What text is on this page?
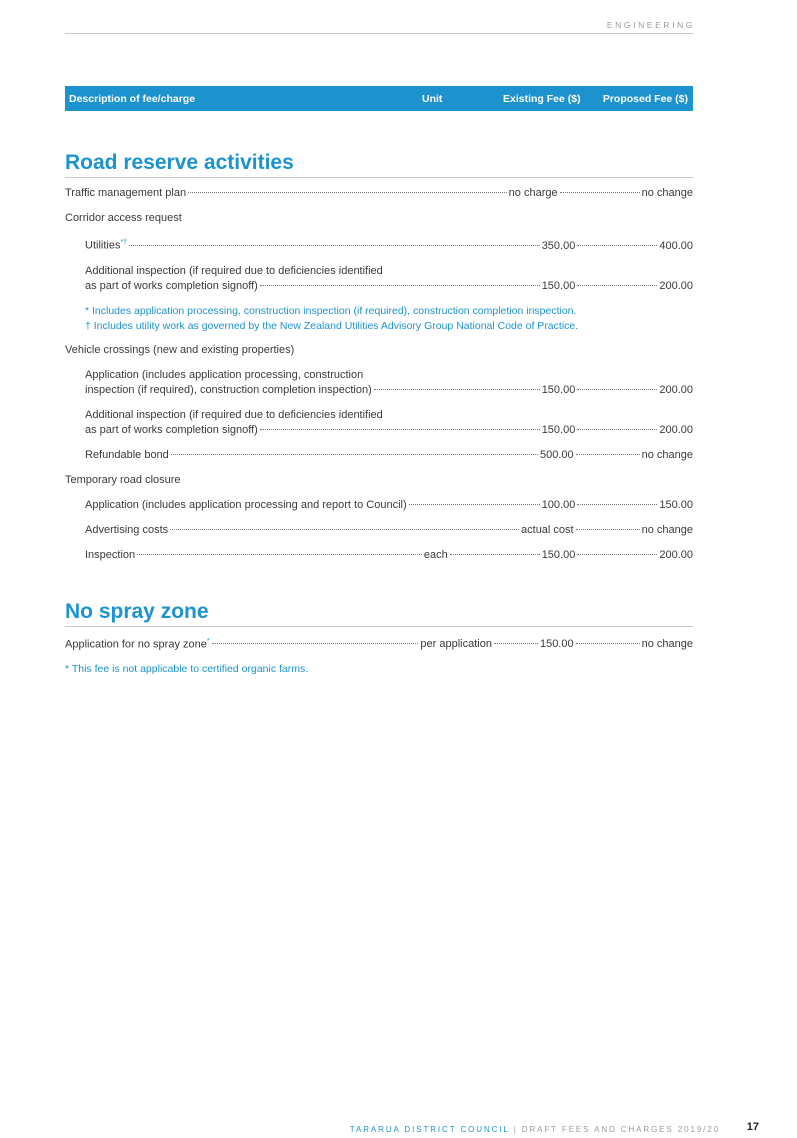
ENGINEERING
Description of fee/charge	Unit	Existing Fee ($) Proposed Fee ($)
Road reserve activities
Traffic management plan	no charge	no change
Corridor access request
Utilities*†	350.00	400.00
Additional inspection (if required due to deficiencies identified
as part of works completion signoff)	150.00	200.00
* Includes application processing, construction inspection (if required), construction completion inspection.
† Includes utility work as governed by the New Zealand Utilities Advisory Group National Code of Practice.
Vehicle crossings (new and existing properties)
Application (includes application processing, construction
inspection (if required), construction completion inspection)	150.00	200.00
Additional inspection (if required due to deficiencies identified
as part of works completion signoff)	150.00	200.00
Refundable bond	500.00	no change
Temporary road closure
Application (includes application processing and report to Council)	100.00	150.00
Advertising costs	actual cost	no change
Inspection	each	150.00	200.00
No spray zone
Application for no spray zone*	per application	150.00	no change
* This fee is not applicable to certified organic farms.
TARARUA DISTRICT COUNCIL | DRAFT FEES AND CHARGES 2019/20 17
